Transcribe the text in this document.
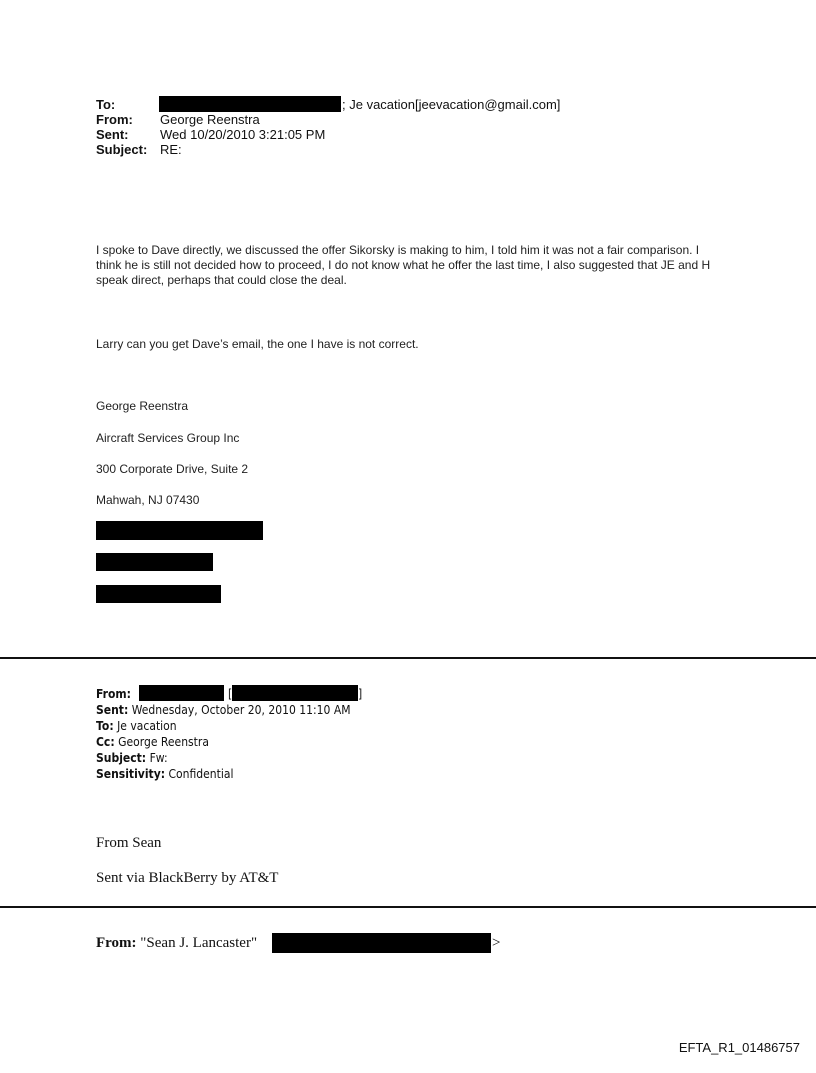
To:	; Je vacation[jeevacation@gmail.com]
From: George Reenstra
Sent: Wed 10/20/2010 3:21:05 PM
Subject: RE:
I spoke to Dave directly, we discussed the offer Sikorsky is making to him, I told him it was not a fair comparison. I think he is still not decided how to proceed, I do not know what he offer the last time, I also suggested that JE and H speak direct, perhaps that could close the deal.
Larry can you get Dave’s email, the one I have is not correct.
George Reenstra
Aircraft Services Group Inc
300 Corporate Drive, Suite 2
Mahwah, NJ 07430
From:	[	]
Sent: Wednesday, October 20, 2010 11:10 AM
To: Je vacation
Cc: George Reenstra
Subject: Fw:
Sensitivity: Confidential
From Sean
Sent via BlackBerry by AT&T
From: "Sean J. Lancaster"	>
EFTA_R1_01486757
